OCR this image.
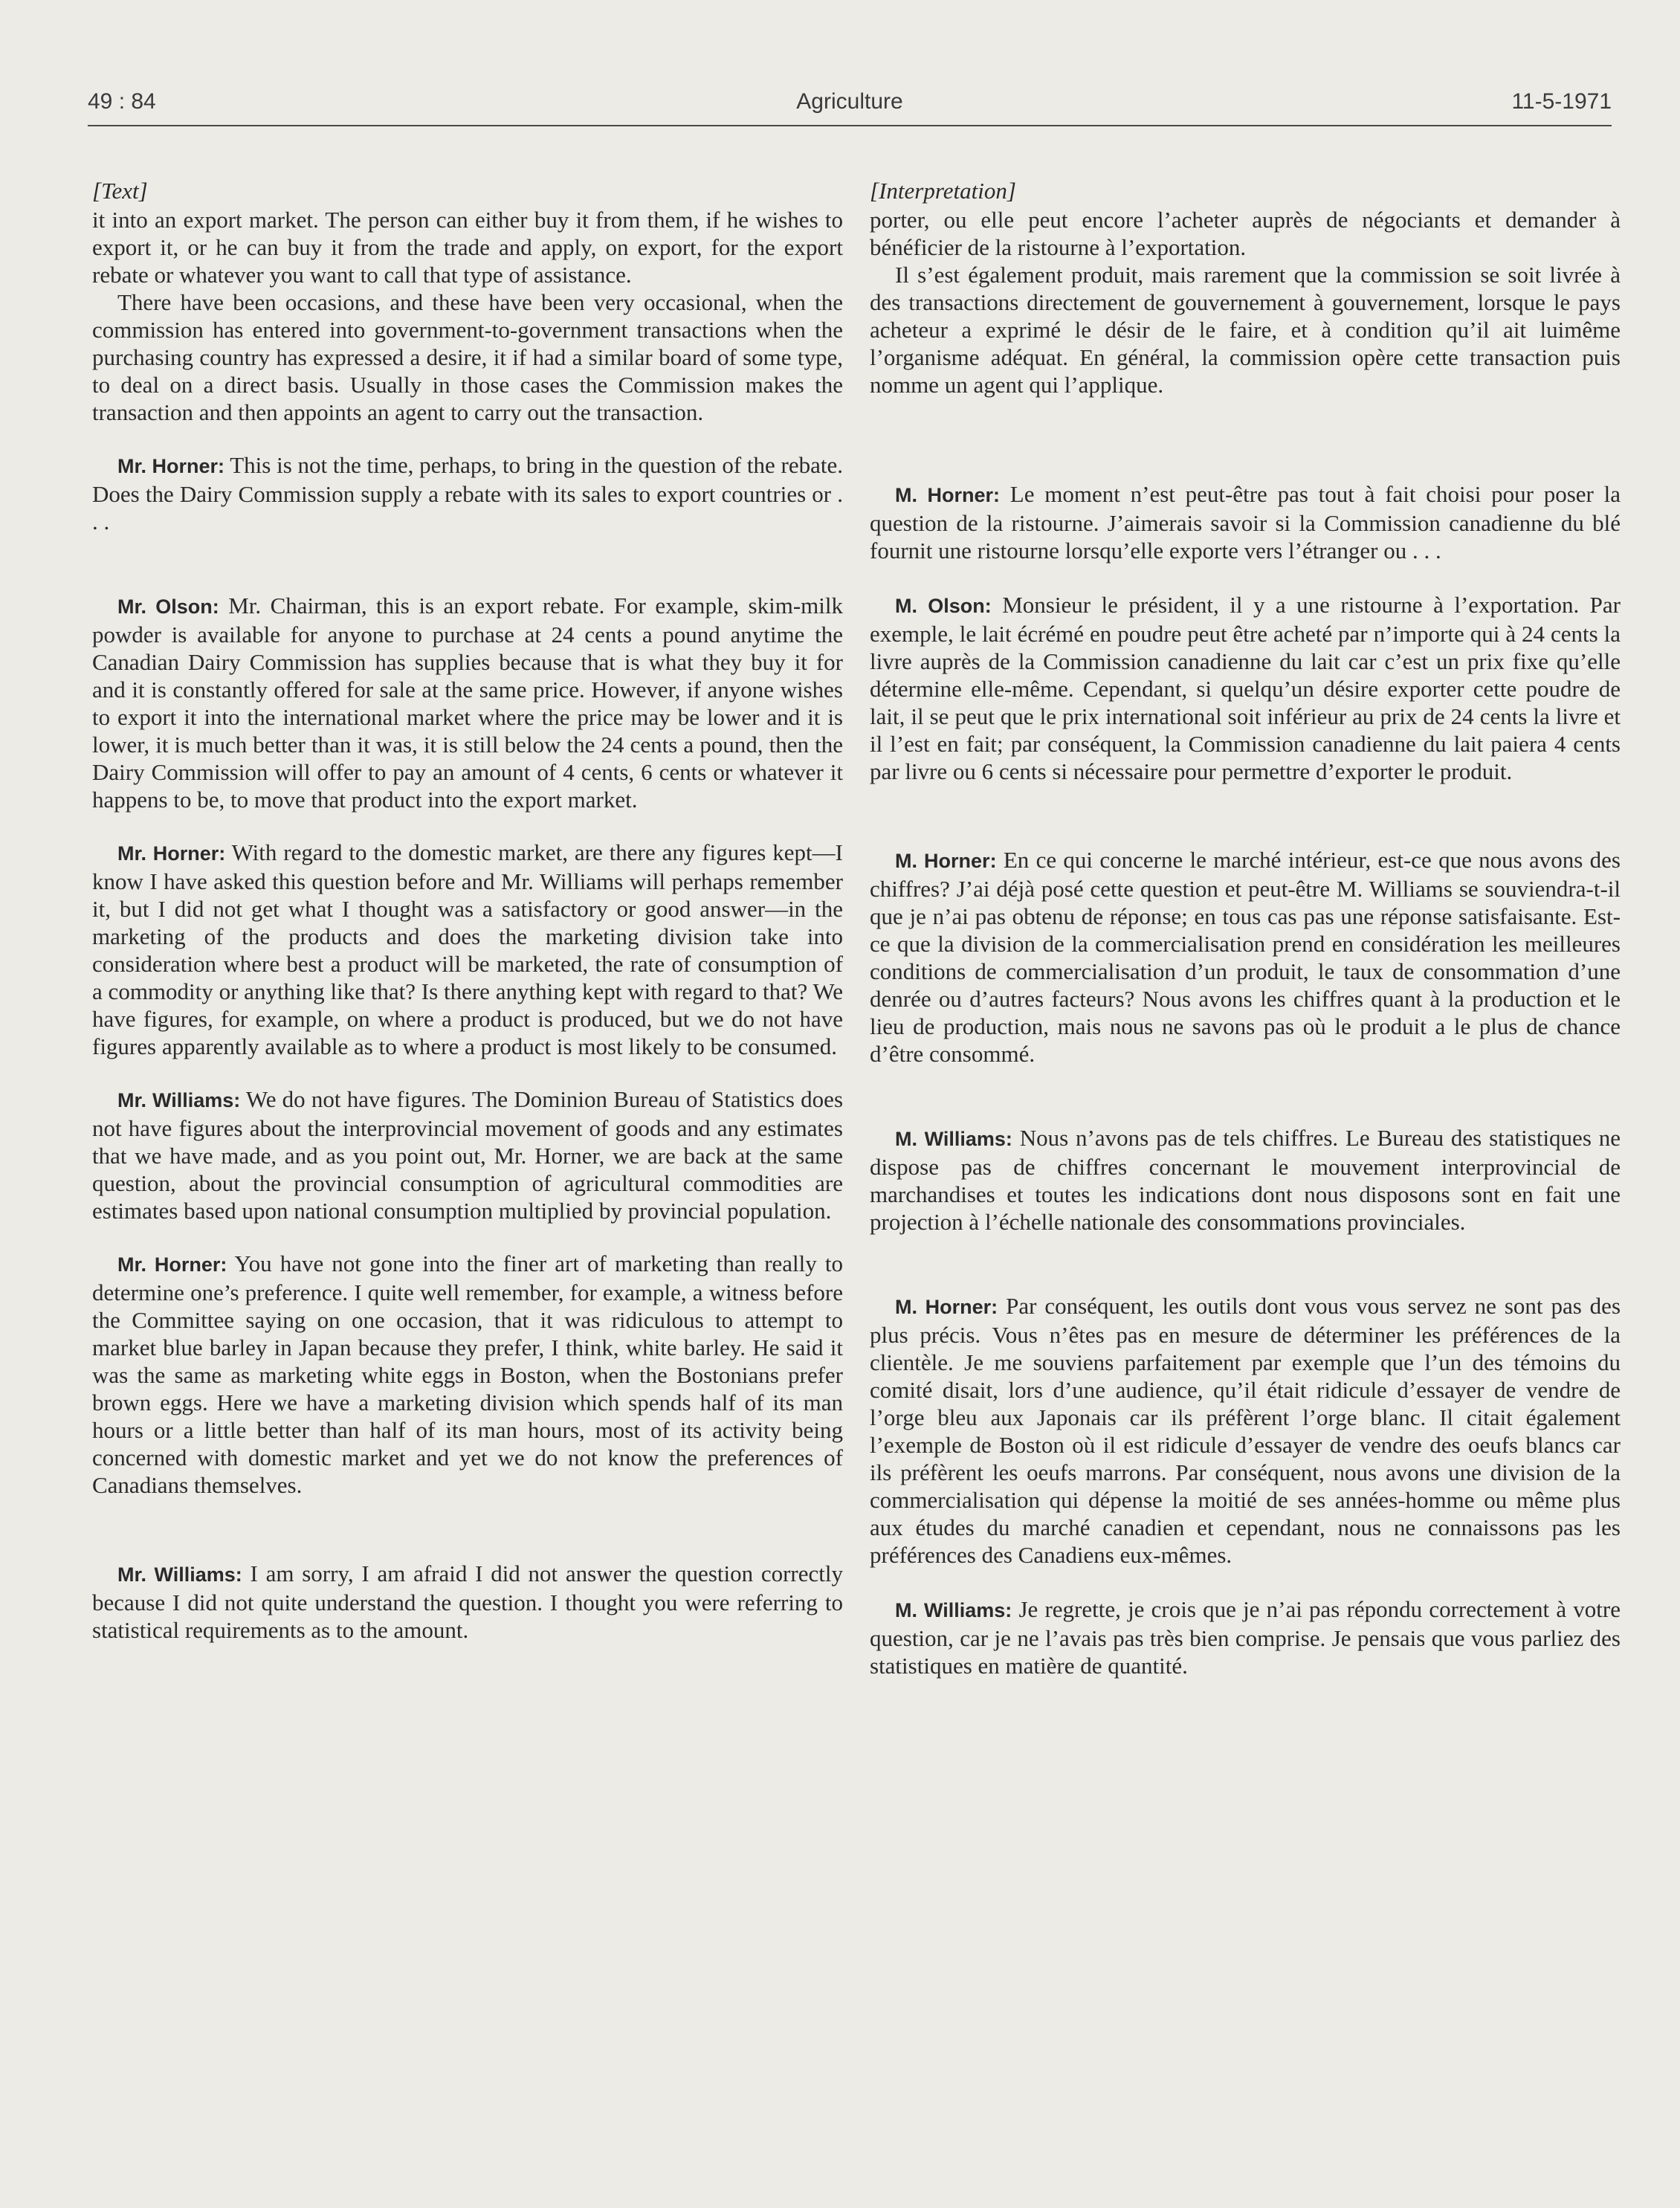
49 : 84	Agriculture	11-5-1971
[Text]

it into an export market. The person can either buy it from them, if he wishes to export it, or he can buy it from the trade and apply, on export, for the export rebate or whatever you want to call that type of assistance.

There have been occasions, and these have been very occasional, when the commission has entered into government-to-government transactions when the purchasing country has expressed a desire, it if had a similar board of some type, to deal on a direct basis. Usually in those cases the Commission makes the transaction and then appoints an agent to carry out the transaction.

Mr. Horner: This is not the time, perhaps, to bring in the question of the rebate. Does the Dairy Commission supply a rebate with its sales to export countries or . . .

Mr. Olson: Mr. Chairman, this is an export rebate. For example, skim-milk powder is available for anyone to purchase at 24 cents a pound anytime the Canadian Dairy Commission has supplies because that is what they buy it for and it is constantly offered for sale at the same price. However, if anyone wishes to export it into the international market where the price may be lower and it is lower, it is much better than it was, it is still below the 24 cents a pound, then the Dairy Commission will offer to pay an amount of 4 cents, 6 cents or whatever it happens to be, to move that product into the export market.

Mr. Horner: With regard to the domestic market, are there any figures kept—I know I have asked this question before and Mr. Williams will perhaps remember it, but I did not get what I thought was a satisfactory or good answer—in the marketing of the products and does the marketing division take into consideration where best a product will be marketed, the rate of consumption of a commodity or anything like that? Is there anything kept with regard to that? We have figures, for example, on where a product is produced, but we do not have figures apparently available as to where a product is most likely to be consumed.

Mr. Williams: We do not have figures. The Dominion Bureau of Statistics does not have figures about the interprovincial movement of goods and any estimates that we have made, and as you point out, Mr. Horner, we are back at the same question, about the provincial consumption of agricultural commodities are estimates based upon national consumption multiplied by provincial population.

Mr. Horner: You have not gone into the finer art of marketing than really to determine one’s preference. I quite well remember, for example, a witness before the Committee saying on one occasion, that it was ridiculous to attempt to market blue barley in Japan because they prefer, I think, white barley. He said it was the same as marketing white eggs in Boston, when the Bostonians prefer brown eggs. Here we have a marketing division which spends half of its man hours or a little better than half of its man hours, most of its activity being concerned with domestic market and yet we do not know the preferences of Canadians themselves.

Mr. Williams: I am sorry, I am afraid I did not answer the question correctly because I did not quite understand the question. I thought you were referring to statistical requirements as to the amount.

[Interpretation]

porter, ou elle peut encore l’acheter auprès de négociants et demander à bénéficier de la ristourne à l’exportation.

Il s’est également produit, mais rarement que la commission se soit livrée à des transactions directement de gouvernement à gouvernement, lorsque le pays acheteur a exprimé le désir de le faire, et à condition qu’il ait luimême l’organisme adéquat. En général, la commission opère cette transaction puis nomme un agent qui l’applique.

M. Horner: Le moment n’est peut-être pas tout à fait choisi pour poser la question de la ristourne. J’aimerais savoir si la Commission canadienne du blé fournit une ristourne lorsqu’elle exporte vers l’étranger ou . . .

M. Olson: Monsieur le président, il y a une ristourne à l’exportation. Par exemple, le lait écrémé en poudre peut être acheté par n’importe qui à 24 cents la livre auprès de la Commission canadienne du lait car c’est un prix fixe qu’elle détermine elle-même. Cependant, si quelqu’un désire exporter cette poudre de lait, il se peut que le prix international soit inférieur au prix de 24 cents la livre et il l’est en fait; par conséquent, la Commission canadienne du lait paiera 4 cents par livre ou 6 cents si nécessaire pour permettre d’exporter le produit.

M. Horner: En ce qui concerne le marché intérieur, est-ce que nous avons des chiffres? J’ai déjà posé cette question et peut-être M. Williams se souviendra-t-il que je n’ai pas obtenu de réponse; en tous cas pas une réponse satisfaisante. Est-ce que la division de la commercialisation prend en considération les meilleures conditions de commercialisation d’un produit, le taux de consommation d’une denrée ou d’autres facteurs? Nous avons les chiffres quant à la production et le lieu de production, mais nous ne savons pas où le produit a le plus de chance d’être consommé.

M. Williams: Nous n’avons pas de tels chiffres. Le Bureau des statistiques ne dispose pas de chiffres concernant le mouvement interprovincial de marchandises et toutes les indications dont nous disposons sont en fait une projection à l’échelle nationale des consommations provinciales.

M. Horner: Par conséquent, les outils dont vous vous servez ne sont pas des plus précis. Vous n’êtes pas en mesure de déterminer les préférences de la clientèle. Je me souviens parfaitement par exemple que l’un des témoins du comité disait, lors d’une audience, qu’il était ridicule d’essayer de vendre de l’orge bleu aux Japonais car ils préfèrent l’orge blanc. Il citait également l’exemple de Boston où il est ridicule d’essayer de vendre des oeufs blancs car ils préfèrent les oeufs marrons. Par conséquent, nous avons une division de la commercialisation qui dépense la moitié de ses années-homme ou même plus aux études du marché canadien et cependant, nous ne connaissons pas les préférences des Canadiens eux-mêmes.

M. Williams: Je regrette, je crois que je n’ai pas répondu correctement à votre question, car je ne l’avais pas très bien comprise. Je pensais que vous parliez des statistiques en matière de quantité.
